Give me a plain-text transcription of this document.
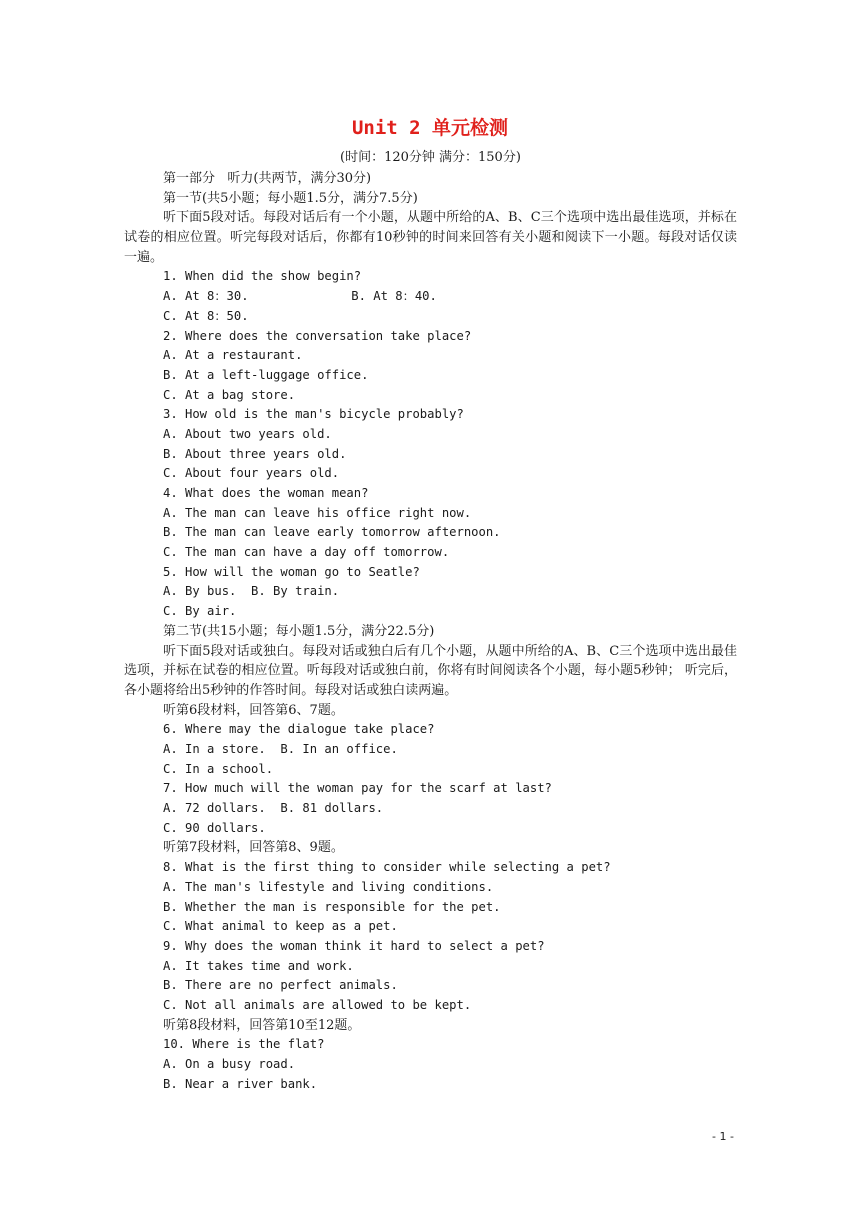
Unit 2 单元检测
(时间：120分钟 满分：150分)
第一部分   听力(共两节，满分30分)
第一节(共5小题；每小题1.5分，满分7.5分)
听下面5段对话。每段对话后有一个小题，从题中所给的A、B、C三个选项中选出最佳选项，并标在试卷的相应位置。听完每段对话后，你都有10秒钟的时间来回答有关小题和阅读下一小题。每段对话仅读一遍。
1. When did the show begin?
A. At 8：30.              B. At 8：40.
C. At 8：50.
2. Where does the conversation take place?
A. At a restaurant.
B. At a left-luggage office.
C. At a bag store.
3. How old is the man's bicycle probably?
A. About two years old.
B. About three years old.
C. About four years old.
4. What does the woman mean?
A. The man can leave his office right now.
B. The man can leave early tomorrow afternoon.
C. The man can have a day off tomorrow.
5. How will the woman go to Seatle?
A. By bus.  B. By train.
C. By air.
第二节(共15小题；每小题1.5分，满分22.5分)
听下面5段对话或独白。每段对话或独白后有几个小题，从题中所给的A、B、C三个选项中选出最佳选项，并标在试卷的相应位置。听每段对话或独白前，你将有时间阅读各个小题，每小题5秒钟； 听完后，各小题将给出5秒钟的作答时间。每段对话或独白读两遍。
听第6段材料，回答第6、7题。
6. Where may the dialogue take place?
A. In a store.  B. In an office.
C. In a school.
7. How much will the woman pay for the scarf at last?
A. 72 dollars.  B. 81 dollars.
C. 90 dollars.
听第7段材料，回答第8、9题。
8. What is the first thing to consider while selecting a pet?
A. The man's lifestyle and living conditions.
B. Whether the man is responsible for the pet.
C. What animal to keep as a pet.
9. Why does the woman think it hard to select a pet?
A. It takes time and work.
B. There are no perfect animals.
C. Not all animals are allowed to be kept.
听第8段材料，回答第10至12题。
10. Where is the flat?
A. On a busy road.
B. Near a river bank.
- 1 -
